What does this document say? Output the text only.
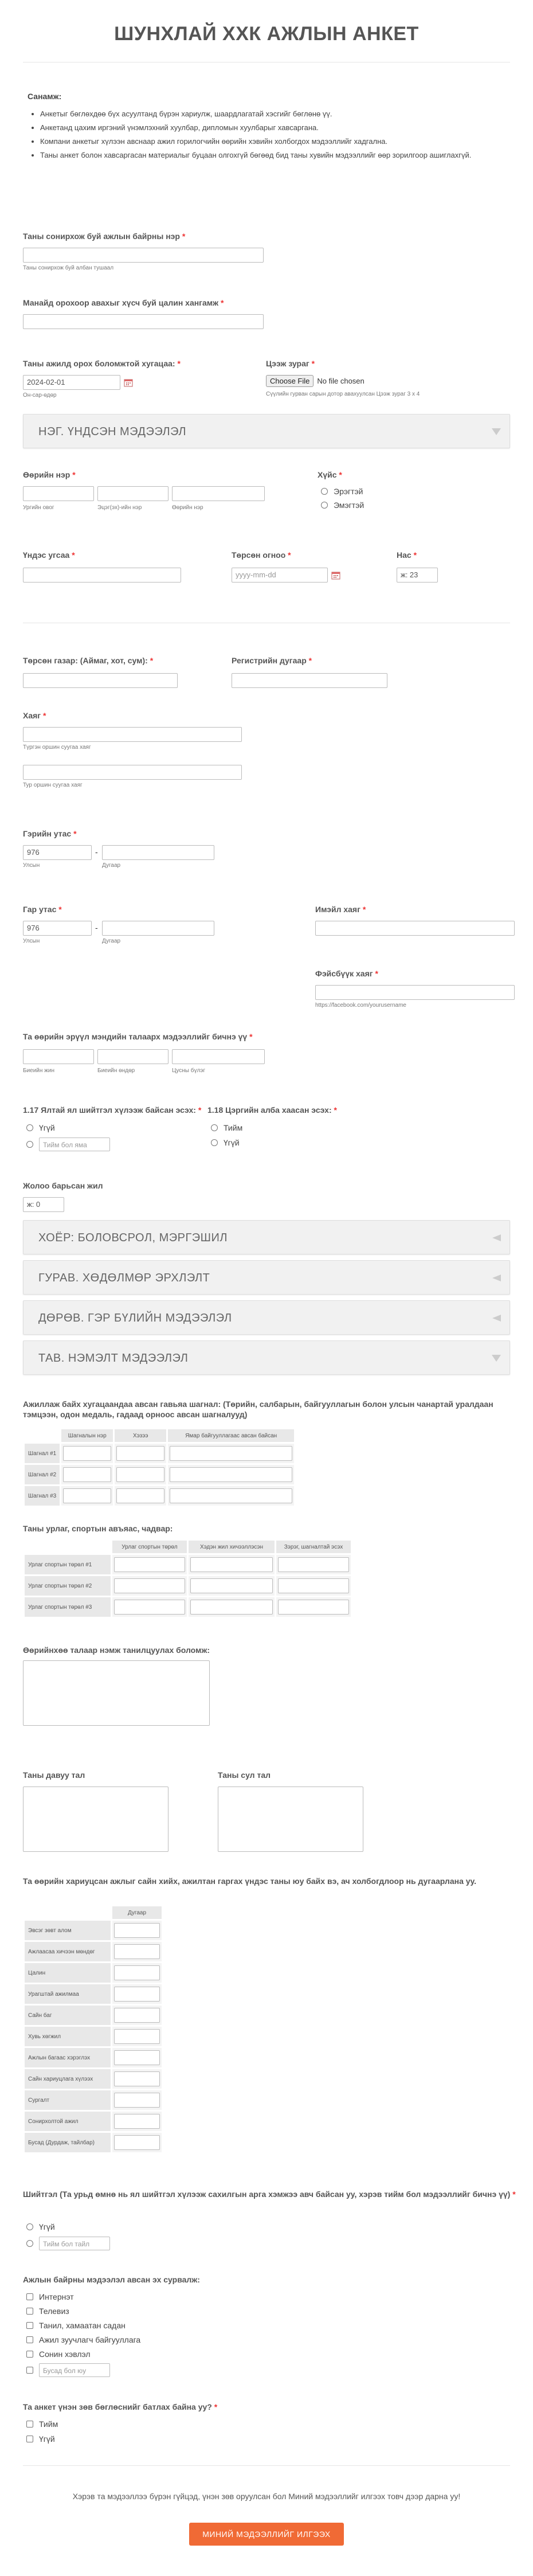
ШУНХЛАЙ ХХК АЖЛЫН АНКЕТ
Санамж:
• Анкетыг бөглөхдөө бүх асуултанд бүрэн хариулж, шаардлагатай хэсгийг бөглөнө үү.
• Анкетанд цахим иргэний үнэмлэхний хуулбар, дипломын хуулбарыг хавсаргана.
• Компани анкетыг хүлээн авснаар ажил горилогчийн өөрийн хэвийн холбогдох мэдээллийг хадгална.
• Таны анкет болон хавсаргасан материалыг буцаан олгохгүй бөгөөд бид таны хувийн мэдээллийг өөр зорилгоор ашиглахгүй.
Таны сонирхож буй ажлын байрны нэр *
Таны сонирхож буй албан тушаал
Манайд орохоор авахыг хүсч буй цалин хангамж *
Таны ажилд орох боломжтой хугацаа: *
2024-02-01
Он-сар-өдөр
Цээж зураг *
Choose File	No file chosen
Сүүлийн гурван сарын дотор авахуулсан Цээж зураг 3 x 4
НЭГ. ҮНДСЭН МЭДЭЭЛЭЛ
Өөрийн нэр *
Ургийн овог	Эцэг(эх)-ийн нэр	Өөрийн нэр
Хүйс *
Эрэгтэй
Эмэгтэй
Үндэс угсаа *	Төрсөн огноо *
yyyy-mm-dd
Нас *
ж: 23
Төрсөн газар: (Аймаг, хот, сум): *	Регистрийн дугаар *
Хаяг *
Түргэн оршин суугаа хаяг
Тур оршин суугаа хаяг
Гэрийн утас *
976	-
Улсын	Дугаар
Гар утас *
976	-
Улсын	Дугаар
Имэйл хаяг *
Фэйсбүүк хаяг *
https://facebook.com/yourusername
Та өөрийн эрүүл мэндийн талаарх мэдээллийг бичнэ үү *
Биеийн жин	Биеийн өндөр	Цусны бүлэг
1.17 Ялтай ял шийтгэл хүлээж байсан эсэх: *
Үгүй
Тийм бол яма
1.18 Цэргийн алба хаасан эсэх: *
Тийм
Үгүй
Жолоо барьсан жил
ж: 0
ХОЁР: БОЛОВСРОЛ, МЭРГЭШИЛ
ГУРАВ. ХӨДӨЛМӨР ЭРХЛЭЛТ
ДӨРӨВ. ГЭР БҮЛИЙН МЭДЭЭЛЭЛ
ТАВ. НЭМЭЛТ МЭДЭЭЛЭЛ
Ажиллаж байх хугацаандаа авсан гавьяа шагнал: (Төрийн, салбарын, байгууллагын болон улсын чанартай уралдаан тэмцээн, одон медаль, гадаад орноос авсан шагналууд)
	Шагналын нэр	Хэзээ	Ямар байгууллагаас авсан байсан
Шагнал #1	

Шагнал #2	

Шагнал #3	

Таны урлаг, спортын авъяас, чадвар:
	Урлаг спортын төрөл	Хэдэн жил хичээллэсэн	Зэрэг, шагналтай эсэх
Урлаг спортын төрөл #1	

Урлаг спортын төрөл #2	

Урлаг спортын төрөл #3	

Өөрийнхөө талаар нэмж танилцуулах боломж:
Таны давуу тал	Таны сул тал
Та өөрийн хариуцсан ажлыг сайн хийх, ажилтан гаргах үндэс таны юу байх вэ, ач холбогдлоор нь дугаарлана уу.
	Дугаар
Эвсэг зөвт алом	

Ажлаасаа хичээн мөндөг	

Цалин	

Урагштай ажилмаа	

Сайн баг	

Хувь хөгжил	

Ажлын багаас хэрэглэх	

Сайн хариуцлага хүлээх	

Сургалт	

Сонирхолтой ажил	

Бусад (Дурдаж, тайлбар)	
Шийтгэл (Та урьд өмнө нь ял шийтгэл хүлээж сахилгын арга хэмжээ авч байсан уу, хэрэв тийм бол мэдээллийг бичнэ үү) *
Үгүй
Тийм бол тайл
Ажлын байрны мэдээлэл авсан эх сурвалж:
Интернэт
Телевиз
Танил, хамаатан садан
Ажил зуучлагч байгууллага
Сонин хэвлэл
Бусад бол юу
Та анкет үнэн зөв бөглөснийг батлах байна уу? *
Тийм
Үгүй
Хэрэв та мэдээллээ бүрэн гүйцэд, үнэн зөв оруулсан бол Миний мэдээллийг илгээх товч дээр дарна уу!
МИНИЙ МЭДЭЭЛЛИЙГ ИЛГЭЭХ
